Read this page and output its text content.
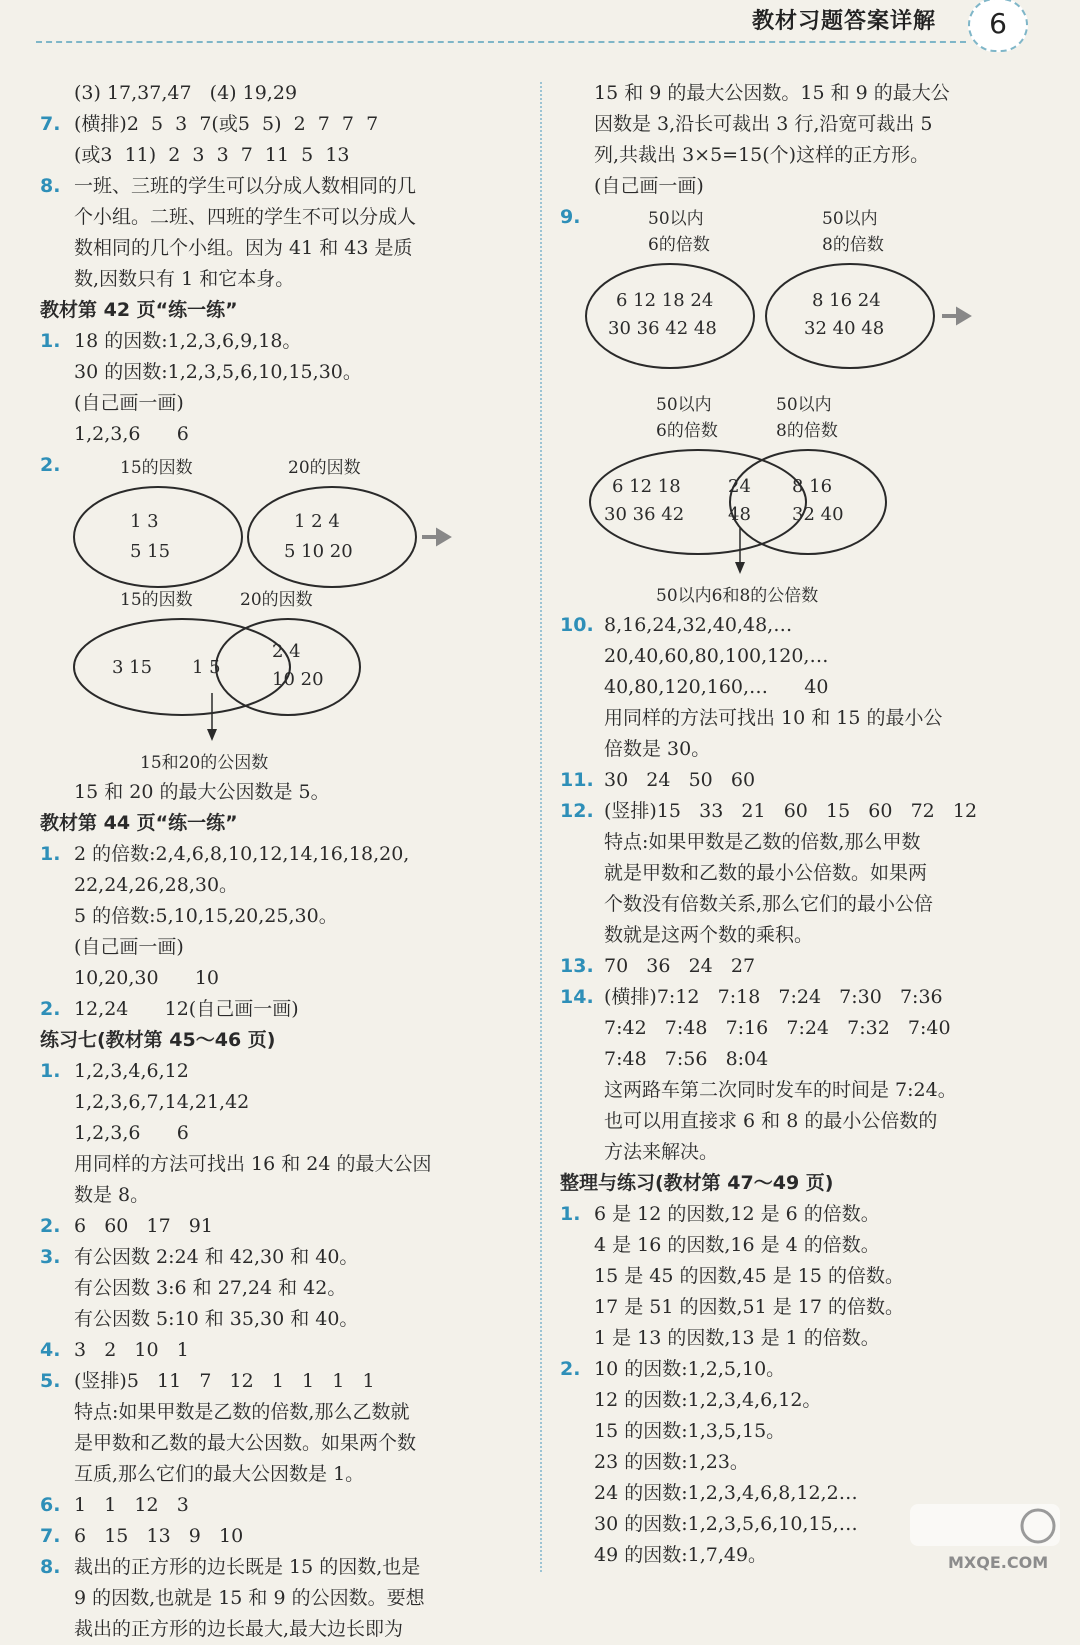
教材习题答案详解	6
(3) 17,37,47   (4) 19,29
7. (横排)2  5  3  7(或5  5)  2  7  7  7
(或3  11)  2  3  3  7  11  5  13
8. 一班、三班的学生可以分成人数相同的几
个小组。二班、四班的学生不可以分成人
数相同的几个小组。因为 41 和 43 是质
数,因数只有 1 和它本身。
教材第 42 页“练一练”
1. 18 的因数:1,2,3,6,9,18。
30 的因数:1,2,3,5,6,10,15,30。
(自己画一画)
1,2,3,6      6
2.	15的因数	20的因数
1 3
5 15
1 2 4
5 10 20
15的因数	20的因数
3 15 1 5
2 4
10 20
15和20的公因数
15 和 20 的最大公因数是 5。
教材第 44 页“练一练”
1. 2 的倍数:2,4,6,8,10,12,14,16,18,20,
22,24,26,28,30。
5 的倍数:5,10,15,20,25,30。
(自己画一画)
10,20,30      10
2. 12,24      12(自己画一画)
练习七(教材第 45～46 页)
1. 1,2,3,4,6,12
1,2,3,6,7,14,21,42
1,2,3,6      6
用同样的方法可找出 16 和 24 的最大公因
数是 8。
2. 6   60   17   91
3. 有公因数 2:24 和 42,30 和 40。
有公因数 3:6 和 27,24 和 42。
有公因数 5:10 和 35,30 和 40。
4. 3   2   10   1
5. (竖排)5   11   7   12   1   1   1   1
特点:如果甲数是乙数的倍数,那么乙数就
是甲数和乙数的最大公因数。如果两个数
互质,那么它们的最大公因数是 1。
6. 1   1   12   3
7. 6   15   13   9   10
8. 裁出的正方形的边长既是 15 的因数,也是
9 的因数,也就是 15 和 9 的公因数。要想
裁出的正方形的边长最大,最大边长即为
15 和 9 的最大公因数。15 和 9 的最大公
因数是 3,沿长可裁出 3 行,沿宽可裁出 5
列,共裁出 3×5=15(个)这样的正方形。
(自己画一画)
9.	50以内
6的倍数
50以内
8的倍数
6 12 18 24
30 36 42 48
8 16 24
32 40 48
50以内
6的倍数
50以内
8的倍数
6 12 18
30 36 42
24
48
8 16
32 40
50以内6和8的公倍数
10. 8,16,24,32,40,48,…
20,40,60,80,100,120,…
40,80,120,160,…      40
用同样的方法可找出 10 和 15 的最小公
倍数是 30。
11. 30   24   50   60
12. (竖排)15   33   21   60   15   60   72   12
特点:如果甲数是乙数的倍数,那么甲数
就是甲数和乙数的最小公倍数。如果两
个数没有倍数关系,那么它们的最小公倍
数就是这两个数的乘积。
13. 70   36   24   27
14. (横排)7:12   7:18   7:24   7:30   7:36
7:42   7:48   7:16   7:24   7:32   7:40
7:48   7:56   8:04
这两路车第二次同时发车的时间是 7:24。
也可以用直接求 6 和 8 的最小公倍数的
方法来解决。
整理与练习(教材第 47～49 页)
1. 6 是 12 的因数,12 是 6 的倍数。
4 是 16 的因数,16 是 4 的倍数。
15 是 45 的因数,45 是 15 的倍数。
17 是 51 的因数,51 是 17 的倍数。
1 是 13 的因数,13 是 1 的倍数。
2. 10 的因数:1,2,5,10。
12 的因数:1,2,3,4,6,12。
15 的因数:1,3,5,15。
23 的因数:1,23。
24 的因数:1,2,3,4,6,8,12,2…
30 的因数:1,2,3,5,6,10,15,…
49 的因数:1,7,49。	MXQE.COM
